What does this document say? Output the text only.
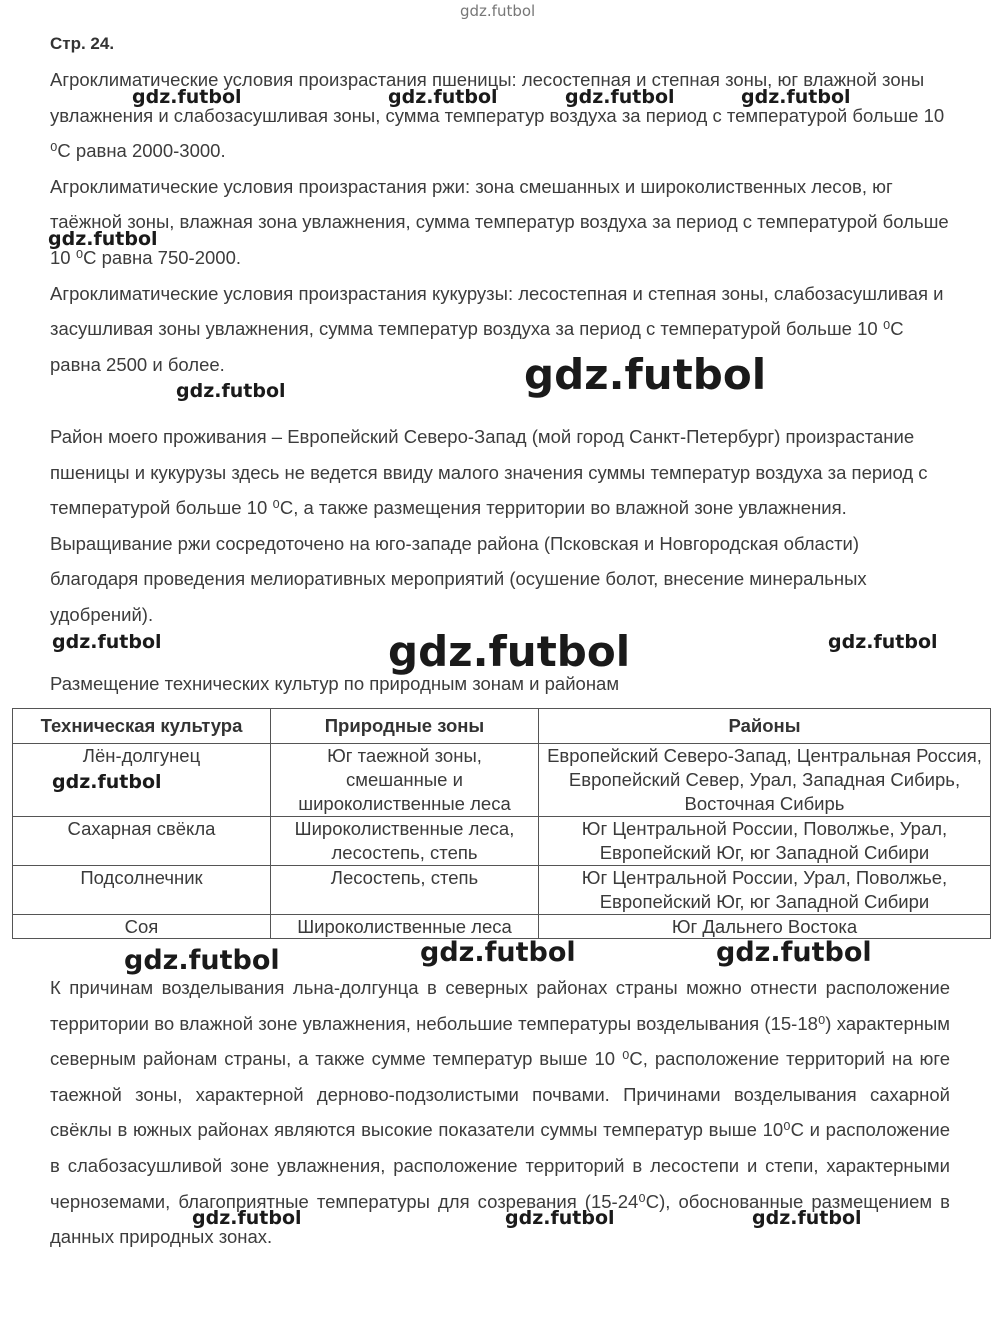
Стр. 24.

Агроклиматические условия произрастания пшеницы: лесостепная и степная зоны, юг влажной зоны увлажнения и слабозасушливая зоны, сумма температур воздуха за период с температурой больше 10 ⁰С равна 2000-3000.

Агроклиматические условия произрастания ржи: зона смешанных и широколиственных лесов, юг таёжной зоны, влажная зона увлажнения, сумма температур воздуха за период с температурой больше 10 ⁰С равна 750-2000.

Агроклиматические условия произрастания кукурузы: лесостепная и степная зоны, слабозасушливая и засушливая зоны увлажнения, сумма температур воздуха за период с температурой больше 10 ⁰С равна 2500 и более.

Район моего проживания – Европейский Северо-Запад (мой город Санкт-Петербург) произрастание пшеницы и кукурузы здесь не ведется ввиду малого значения суммы температур воздуха за период с температурой больше 10 ⁰С, а также размещения территории во влажной зоне увлажнения. Выращивание ржи сосредоточено на юго-западе района (Псковская и Новгородская области) благодаря проведения мелиоративных мероприятий (осушение болот, внесение минеральных удобрений).

Размещение технических культур по природным зонам и районам
Техническая культура	Природные зоны	Районы
Лён-долгунец	Юг таежной зоны, смешанные и широколиственные леса	Европейский Северо-Запад, Центральная Россия, Европейский Север, Урал, Западная Сибирь, Восточная Сибирь
Сахарная свёкла	Широколиственные леса, лесостепь, степь	Юг Центральной России, Поволжье, Урал, Европейский Юг, юг Западной Сибири
Подсолнечник	Лесостепь, степь	Юг Центральной России, Урал, Поволжье, Европейский Юг, юг Западной Сибири
Соя	Широколиственные леса	Юг Дальнего Востока

К причинам возделывания льна-долгунца в северных районах страны можно отнести расположение территории во влажной зоне увлажнения, небольшие температуры возделывания (15-18⁰) характерным северным районам страны, а также сумме температур выше 10 ⁰С, расположение территорий на юге таежной зоны, характерной дерново-подзолистыми почвами. Причинами возделывания сахарной свёклы в южных районах являются высокие показатели суммы температур выше 10⁰С и расположение в слабозасушливой зоне увлажнения, расположение территорий в лесостепи и степи, характерными черноземами, благоприятные температуры для созревания (15-24⁰С), обоснованные размещением в данных природных зонах.

gdz.futbol
gdz.futbol	gdz.futbol	gdz.futbol	gdz.futbol
gdz.futbol
gdz.futbol
gdz.futbol
gdz.futbol	gdz.futbol	gdz.futbol
gdz.futbol
gdz.futbol	gdz.futbol	gdz.futbol
gdz.futbol	gdz.futbol	gdz.futbol
